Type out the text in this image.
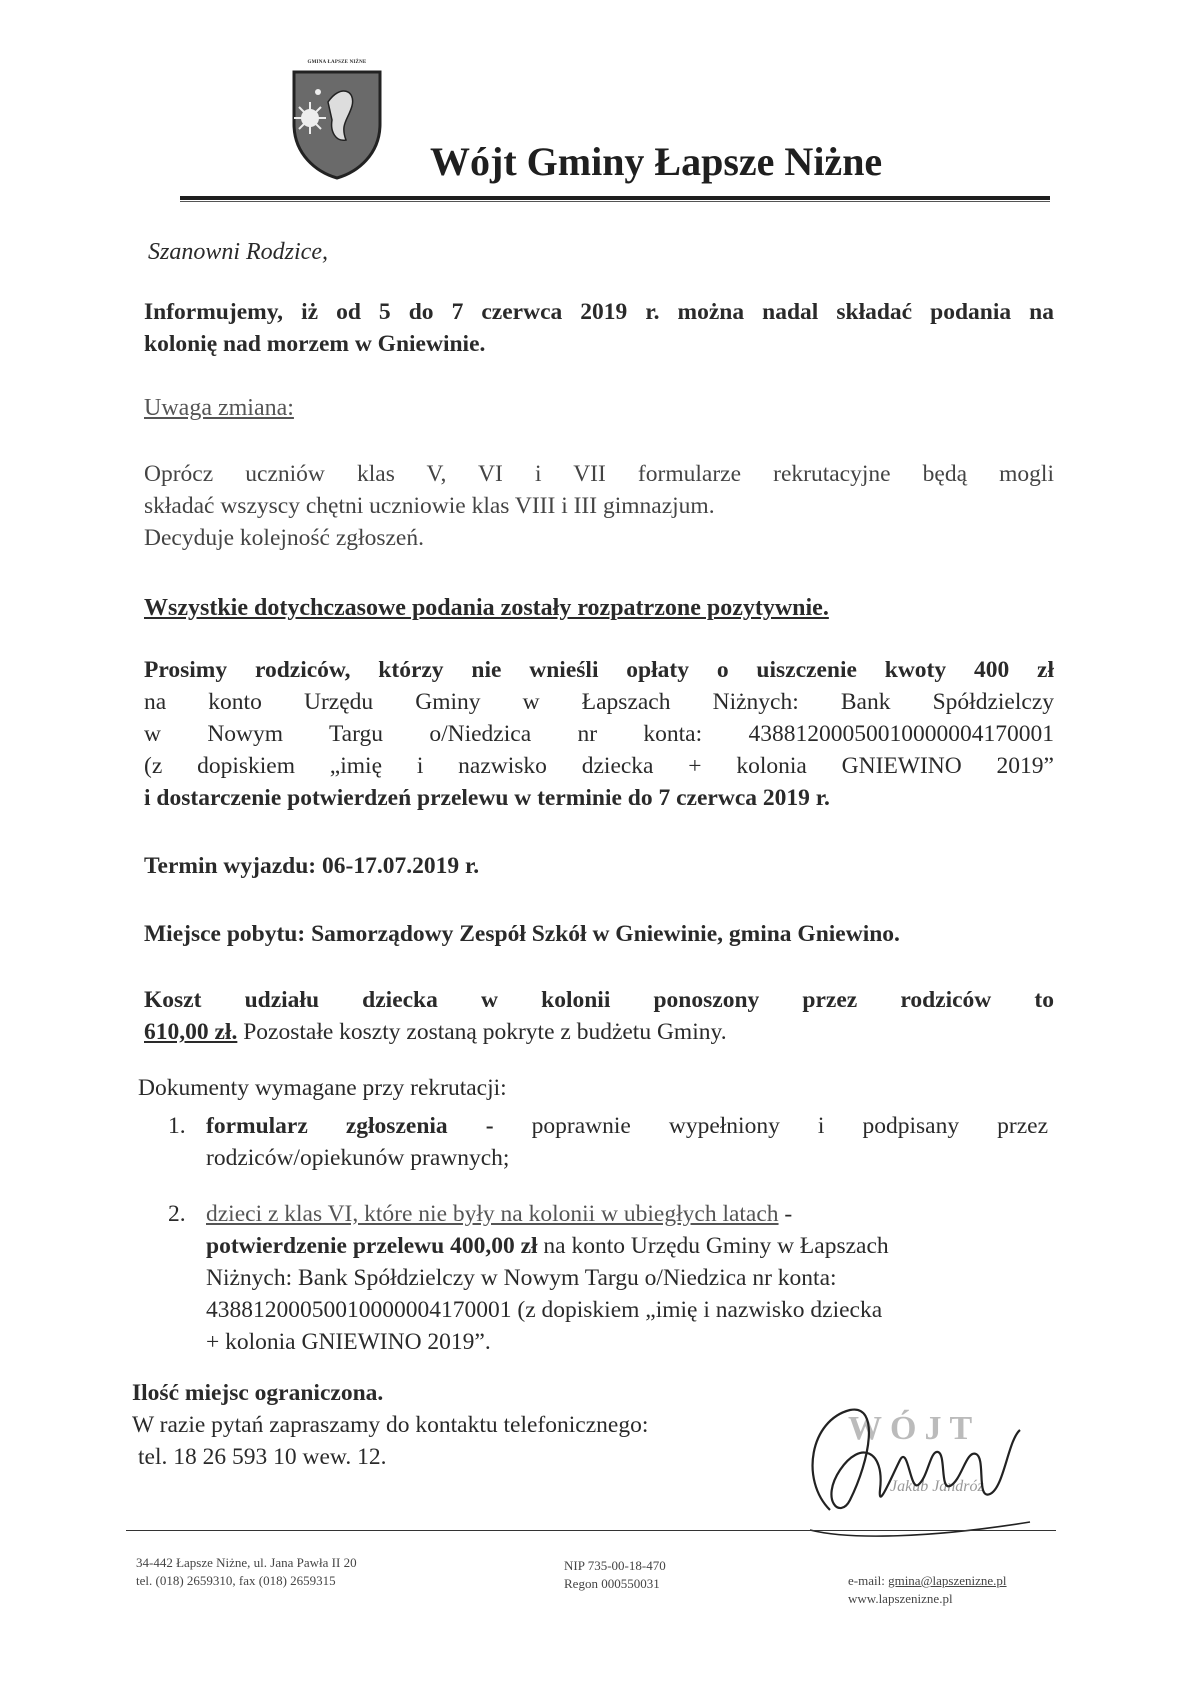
GMINA ŁAPSZE NIŻNE
Wójt Gminy Łapsze Niżne
Szanowni Rodzice,
Informujemy, iż od 5 do 7 czerwca 2019 r. można nadal składać podania na
kolonię nad morzem w Gniewinie.
Uwaga zmiana:
Oprócz uczniów klas V, VI i VII formularze rekrutacyjne będą mogli
składać wszyscy chętni uczniowie klas VIII i III gimnazjum.
Decyduje kolejność zgłoszeń.
Wszystkie dotychczasowe podania zostały rozpatrzone pozytywnie.
Prosimy rodziców, którzy nie wnieśli opłaty o uiszczenie kwoty 400 zł
na konto Urzędu Gminy w Łapszach Niżnych: Bank Spółdzielczy
w Nowym Targu o/Niedzica nr konta: 43881200050010000004170001
(z dopiskiem „imię i nazwisko dziecka + kolonia GNIEWINO 2019”
i dostarczenie potwierdzeń przelewu w terminie do 7 czerwca 2019 r.
Termin wyjazdu: 06-17.07.2019 r.
Miejsce pobytu: Samorządowy Zespół Szkół w Gniewinie, gmina Gniewino.
Koszt udziału dziecka w kolonii ponoszony przez rodziców to
610,00 zł. Pozostałe koszty zostaną pokryte z budżetu Gminy.
Dokumenty wymagane przy rekrutacji:
1. formularz zgłoszenia - poprawnie wypełniony i podpisany przez
rodziców/opiekunów prawnych;
2. dzieci z klas VI, które nie były na kolonii w ubiegłych latach -
potwierdzenie przelewu 400,00 zł na konto Urzędu Gminy w Łapszach
Niżnych: Bank Spółdzielczy w Nowym Targu o/Niedzica nr konta:
43881200050010000004170001 (z dopiskiem „imię i nazwisko dziecka
+ kolonia GNIEWINO 2019”.
Ilość miejsc ograniczona.
W razie pytań zapraszamy do kontaktu telefonicznego:
tel. 18 26 593 10 wew. 12.
WÓJT
Jakub Jandróz
34-442 Łapsze Niżne, ul. Jana Pawła II 20
tel. (018) 2659310, fax (018) 2659315
NIP 735-00-18-470
Regon 000550031	e-mail: gmina@lapszenizne.pl
www.lapszenizne.pl
